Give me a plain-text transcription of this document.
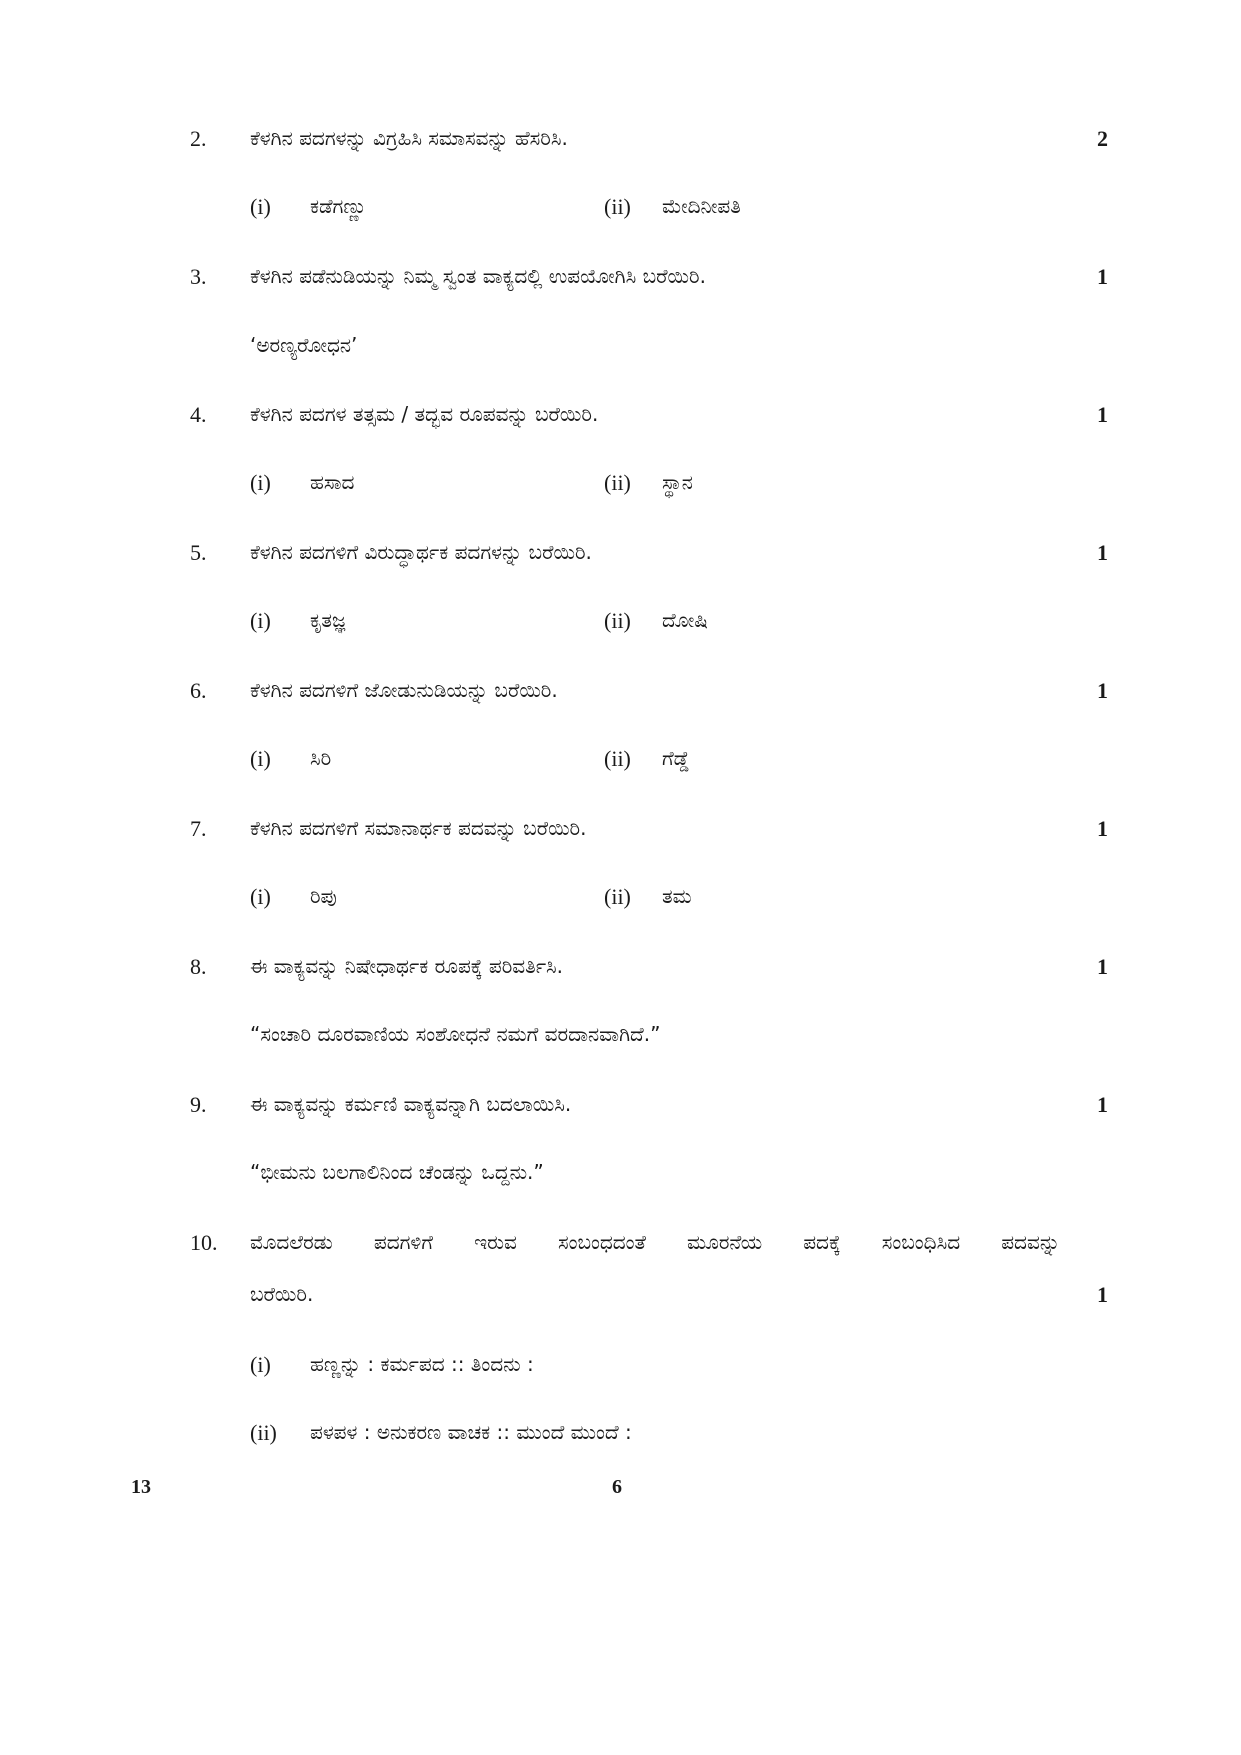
2. ಕೆಳಗಿನ ಪದಗಳನ್ನು ವಿಗ್ರಹಿಸಿ ಸಮಾಸವನ್ನು ಹೆಸರಿಸಿ.	2
(i) ಕಡೆಗಣ್ಣು	(ii) ಮೇದಿನೀಪತಿ
3. ಕೆಳಗಿನ ಪಡೆನುಡಿಯನ್ನು ನಿಮ್ಮ ಸ್ವಂತ ವಾಕ್ಯದಲ್ಲಿ ಉಪಯೋಗಿಸಿ ಬರೆಯಿರಿ.	1
‘ಅರಣ್ಯರೋಧನ’
4. ಕೆಳಗಿನ ಪದಗಳ ತತ್ಸಮ / ತದ್ಭವ ರೂಪವನ್ನು ಬರೆಯಿರಿ.	1
(i) ಹಸಾದ	(ii) ಸ್ಥಾನ
5. ಕೆಳಗಿನ ಪದಗಳಿಗೆ ವಿರುದ್ಧಾರ್ಥಕ ಪದಗಳನ್ನು ಬರೆಯಿರಿ.	1
(i) ಕೃತಜ್ಞ	(ii) ದೋಷಿ
6. ಕೆಳಗಿನ ಪದಗಳಿಗೆ ಜೋಡುನುಡಿಯನ್ನು ಬರೆಯಿರಿ.	1
(i) ಸಿರಿ	(ii) ಗೆಡ್ಡೆ
7. ಕೆಳಗಿನ ಪದಗಳಿಗೆ ಸಮಾನಾರ್ಥಕ ಪದವನ್ನು ಬರೆಯಿರಿ.	1
(i) ರಿಪು	(ii) ತಮ
8. ಈ ವಾಕ್ಯವನ್ನು ನಿಷೇಧಾರ್ಥಕ ರೂಪಕ್ಕೆ ಪರಿವರ್ತಿಸಿ.	1
“ಸಂಚಾರಿ ದೂರವಾಣಿಯ ಸಂಶೋಧನೆ ನಮಗೆ ವರದಾನವಾಗಿದೆ.”
9. ಈ ವಾಕ್ಯವನ್ನು ಕರ್ಮಣಿ ವಾಕ್ಯವನ್ನಾಗಿ ಬದಲಾಯಿಸಿ.	1
“ಭೀಮನು ಬಲಗಾಲಿನಿಂದ ಚೆಂಡನ್ನು ಒದ್ದನು.”
10. ಮೊದಲೆರಡು ಪದಗಳಿಗೆ ಇರುವ ಸಂಬಂಧದಂತೆ ಮೂರನೆಯ ಪದಕ್ಕೆ ಸಂಬಂಧಿಸಿದ ಪದವನ್ನು
ಬರೆಯಿರಿ.	1
(i) ಹಣ್ಣನ್ನು : ಕರ್ಮಪದ :: ತಿಂದನು :
(ii) ಪಳಪಳ : ಅನುಕರಣ ವಾಚಕ :: ಮುಂದೆ ಮುಂದೆ :
13	6
